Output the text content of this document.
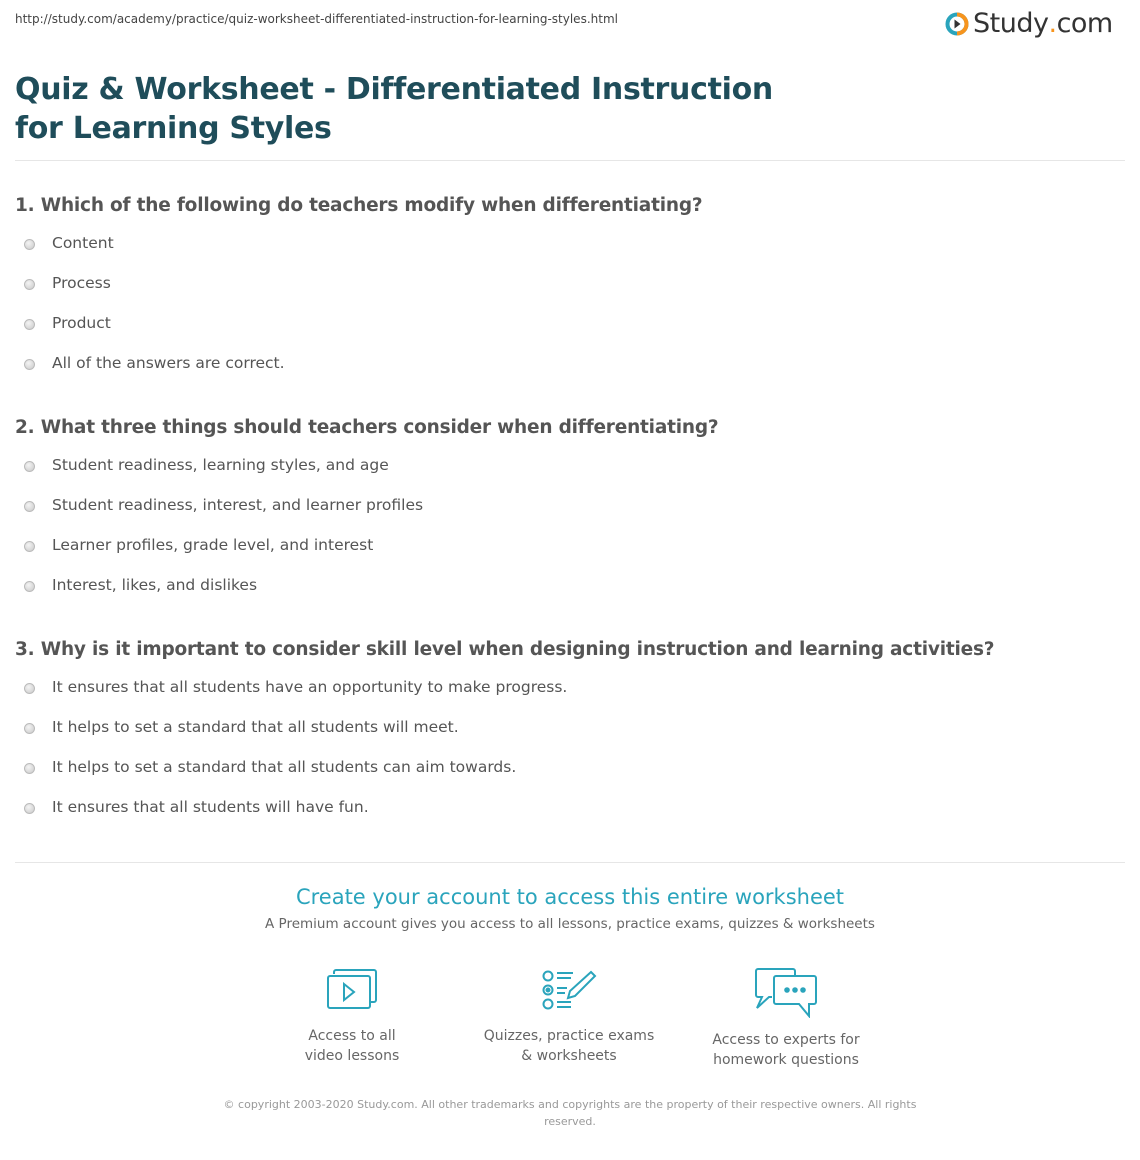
http://study.com/academy/practice/quiz-worksheet-differentiated-instruction-for-learning-styles.html	Study . com
Quiz & Worksheet - Differentiated Instruction for Learning Styles
1. Which of the following do teachers modify when differentiating?
Content
Process
Product
All of the answers are correct.
2. What three things should teachers consider when differentiating?
Student readiness, learning styles, and age
Student readiness, interest, and learner profiles
Learner profiles, grade level, and interest
Interest, likes, and dislikes
3. Why is it important to consider skill level when designing instruction and learning activities?
It ensures that all students have an opportunity to make progress.
It helps to set a standard that all students will meet.
It helps to set a standard that all students can aim towards.
It ensures that all students will have fun.
Create your account to access this entire worksheet
A Premium account gives you access to all lessons, practice exams, quizzes & worksheets
Access to all
video lessons
Quizzes, practice exams
& worksheets
Access to experts for
homework questions
© copyright 2003-2020 Study.com. All other trademarks and copyrights are the property of their respective owners. All rights reserved.
